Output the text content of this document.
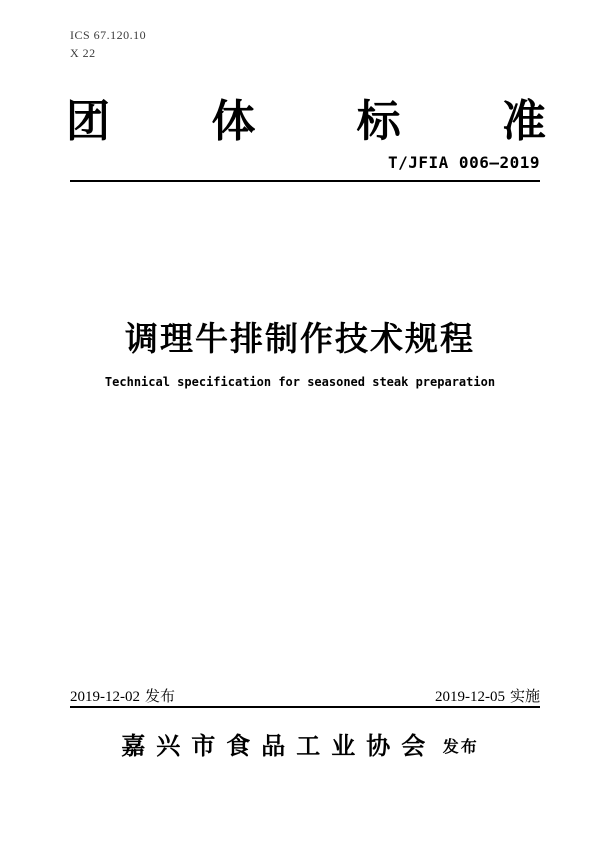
ICS 67.120.10
X 22
团 体 标 准
T/JFIA 006—2019
调理牛排制作技术规程
Technical specification for seasoned steak preparation
2019-12-02 发布	2019-12-05 实施
嘉兴市食品工业协会 发布
